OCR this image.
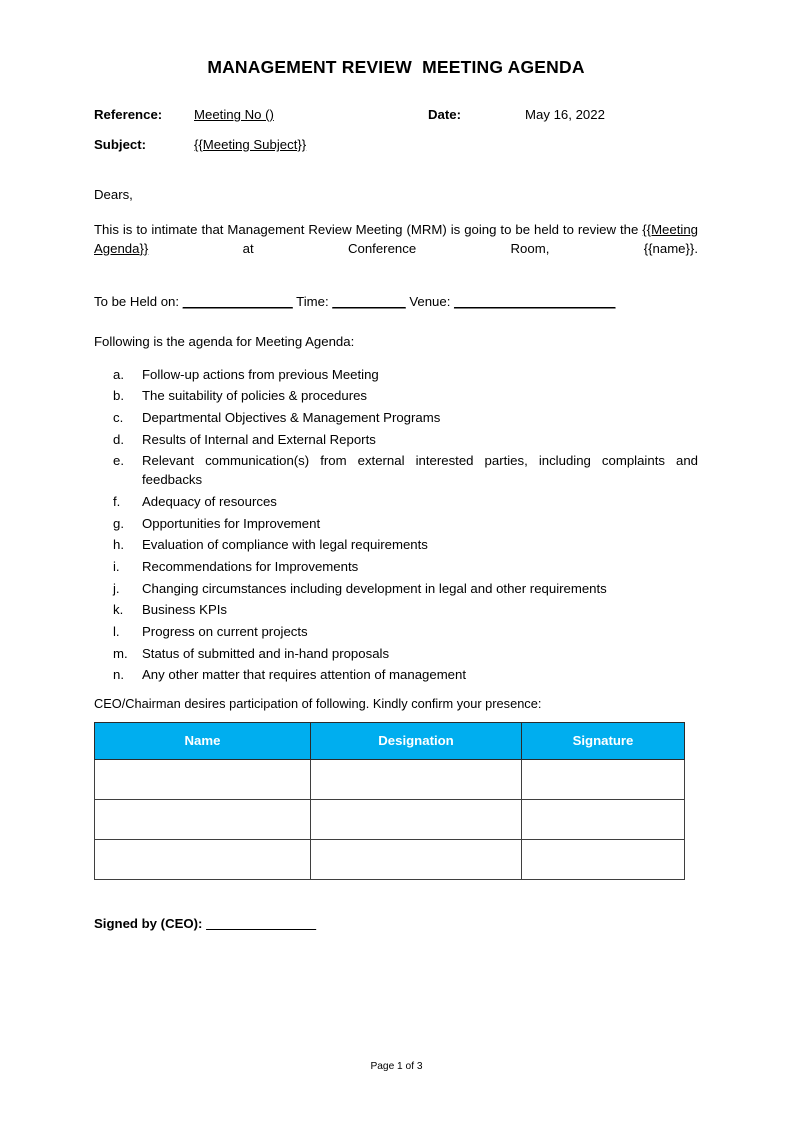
MANAGEMENT REVIEW  MEETING AGENDA
Reference: Meeting No ()	Date:	May 16, 2022
Subject:	{{Meeting Subject}}

Dears,

This is to intimate that Management Review Meeting (MRM) is going to be held to review the {{Meeting Agenda}} at Conference Room, {{name}}.

To be Held on: _______________ Time: __________ Venue: ______________________

Following is the agenda for Meeting Agenda:

a.	Follow-up actions from previous Meeting
b.	The suitability of policies & procedures
c.	Departmental Objectives & Management Programs
d.	Results of Internal and External Reports
e.	Relevant communication(s) from external interested parties, including complaints and feedbacks
f.	Adequacy of resources
g.	Opportunities for Improvement
h.	Evaluation of compliance with legal requirements
i.	Recommendations for Improvements
j.	Changing circumstances including development in legal and other requirements
k.	Business KPIs
l.	Progress on current projects
m.	Status of submitted and in-hand proposals
n.	Any other matter that requires attention of management

CEO/Chairman desires participation of following. Kindly confirm your presence:

Name	Designation	Signature

Signed by (CEO): _______________

Page 1 of 3
